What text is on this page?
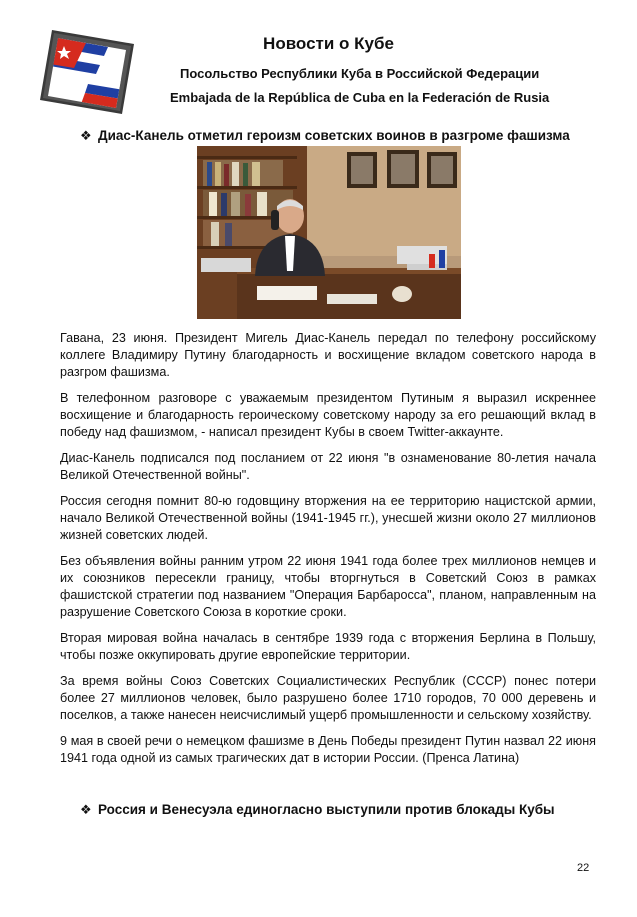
Новости о Кубе
Посольство Республики Куба в Российской Федерации
Embajada de la República de Cuba en la Federación de Rusia
❖ Диас-Канель отметил героизм советских воинов в разгроме фашизма

Гавана, 23 июня. Президент Мигель Диас-Канель передал по телефону российскому коллеге Владимиру Путину благодарность и восхищение вкладом советского народа в разгром фашизма.

В телефонном разговоре с уважаемым президентом Путиным я выразил искреннее восхищение и благодарность героическому советскому народу за его решающий вклад в победу над фашизмом, - написал президент Кубы в своем Twitter-аккаунте.

Диас-Канель подписался под посланием от 22 июня "в ознаменование 80-летия начала Великой Отечественной войны".

Россия сегодня помнит 80-ю годовщину вторжения на ее территорию нацистской армии, начало Великой Отечественной войны (1941-1945 гг.), унесшей жизни около 27 миллионов жизней советских людей.

Без объявления войны ранним утром 22 июня 1941 года более трех миллионов немцев и их союзников пересекли границу, чтобы вторгнуться в Советский Союз в рамках фашистской стратегии под названием "Операция Барбаросса", планом, направленным на разрушение Советского Союза в короткие сроки.

Вторая мировая война началась в сентябре 1939 года с вторжения Берлина в Польшу, чтобы позже оккупировать другие европейские территории.

За время войны Союз Советских Социалистических Республик (СССР) понес потери более 27 миллионов человек, было разрушено более 1710 городов, 70 000 деревень и поселков, а также нанесен неисчислимый ущерб промышленности и сельскому хозяйству.

9 мая в своей речи о немецком фашизме в День Победы президент Путин назвал 22 июня 1941 года одной из самых трагических дат в истории России. (Пренса Латина)

❖ Россия и Венесуэла единогласно выступили против блокады Кубы
22
